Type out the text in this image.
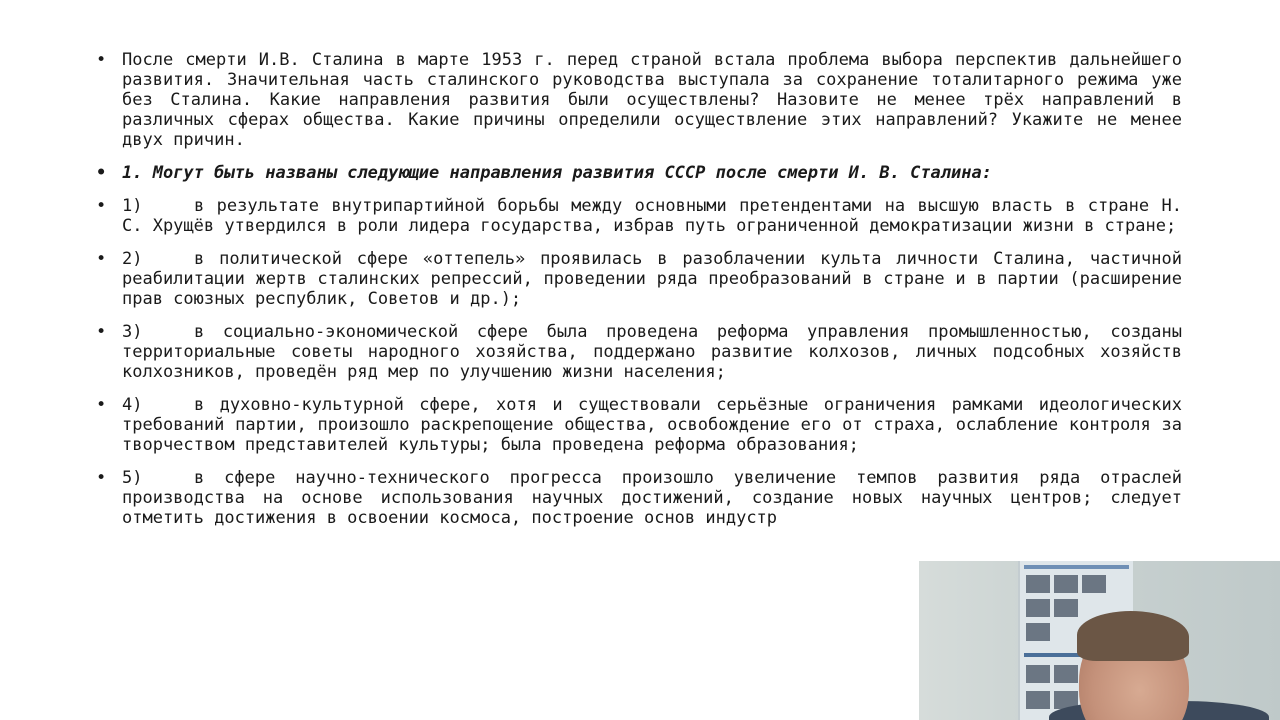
• После смерти И.В. Сталина в марте 1953 г. перед страной встала проблема выбора перспектив дальнейшего развития. Значительная часть сталинского руководства выступала за сохранение тоталитарного режима уже без Сталина. Какие направления развития были осуществлены? Назовите не менее трёх направлений в различных сферах общества. Какие причины определили осуществление этих направлений? Укажите не менее двух причин.
• 1. Могут быть названы следующие направления развития СССР после смерти И. В. Сталина:
• 1)	в результате внутрипартийной борьбы между основными претендентами на высшую власть в стране Н. С. Хрущёв утвердился в роли лидера государства, избрав путь ограниченной демократизации жизни в стране;
• 2)	в политической сфере «оттепель» проявилась в разоблачении культа личности Сталина, частичной реабилитации жертв сталинских репрессий, проведении ряда преобразований в стране и в партии (расширение прав союзных республик, Советов и др.);
• 3)	в социально-экономической сфере была проведена реформа управления промышленностью, созданы территориальные советы народного хозяйства, поддержано развитие колхозов, личных подсобных хозяйств колхозников, проведён ряд мер по улучшению жизни населения;
• 4)	в духовно-культурной сфере, хотя и существовали серьёзные ограничения рамками идеологических требований партии, произошло раскрепощение общества, освобождение его от страха, ослабление контроля за творчеством представителей культуры; была проведена реформа образования;
• 5)	в сфере научно-технического прогресса произошло увеличение темпов развития ряда отраслей производства на основе использования научных достижений, создание новых научных центров; следует отметить достижения в освоении космоса, построение основ индустр
